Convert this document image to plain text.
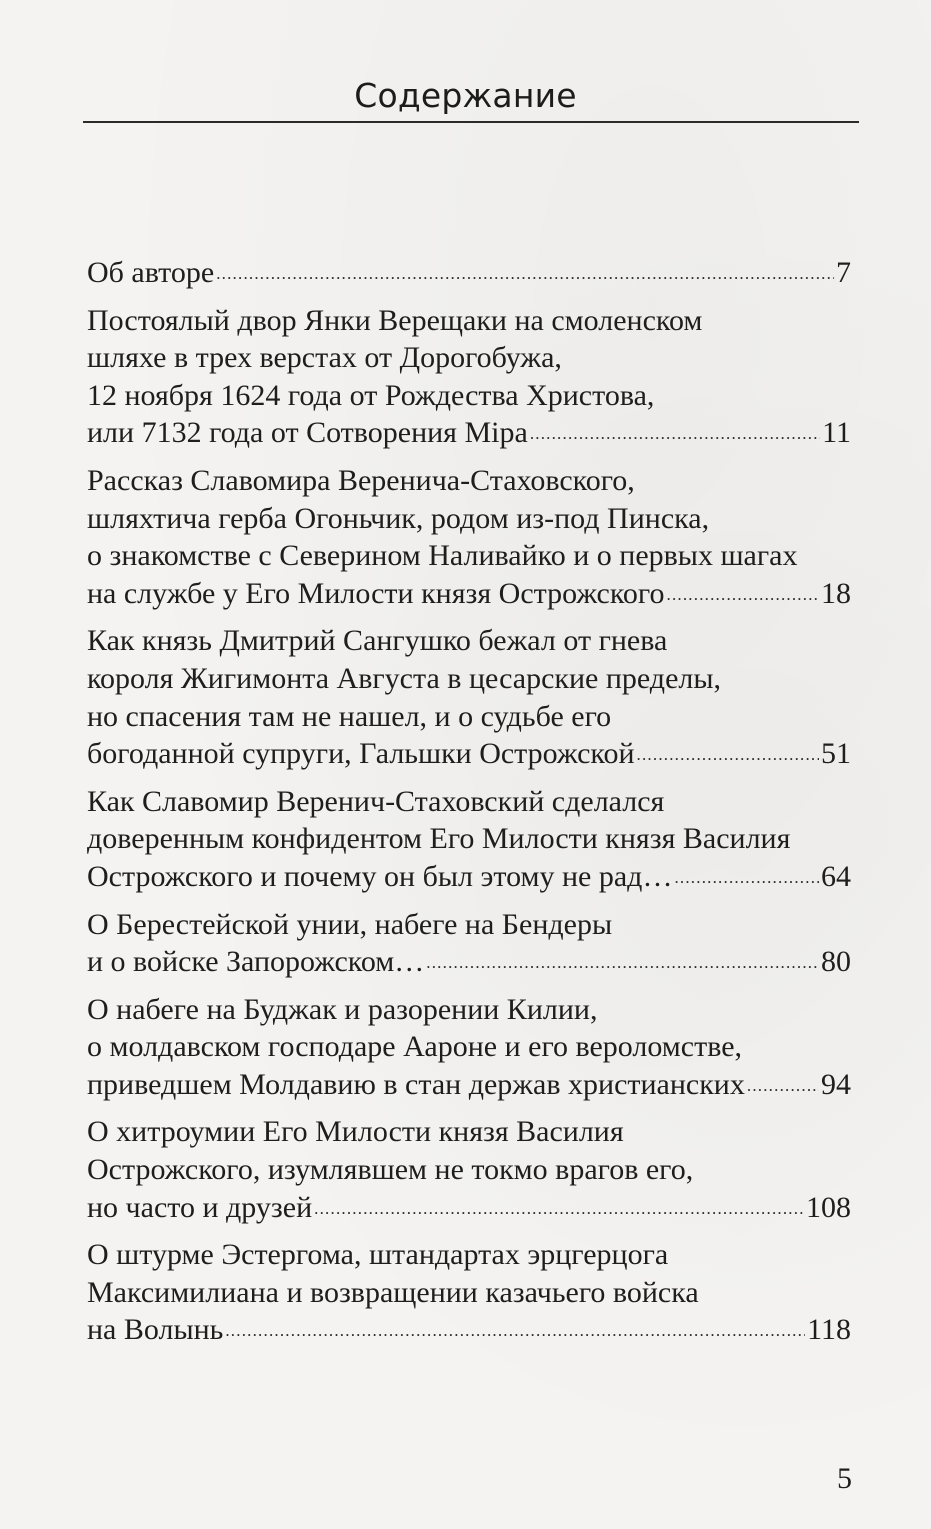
Содержание
Об авторе .....	7
Постоялый двор Янки Верещаки на смоленском
шляхе в трех верстах от Дорогобужа,
12 ноября 1624 года от Рождества Христова,
или 7132 года от Сотворения Міра .....	11
Рассказ Славомира Веренича-Стаховского,
шляхтича герба Огоньчик, родом из-под Пинска,
о знакомстве с Северином Наливайко и о первых шагах
на службе у Его Милости князя Острожского .....	18
Как князь Дмитрий Сангушко бежал от гнева
короля Жигимонта Августа в цесарские пределы,
но спасения там не нашел, и о судьбе его
богоданной супруги, Гальшки Острожской .....	51
Как Славомир Веренич-Стаховский сделался
доверенным конфидентом Его Милости князя Василия
Острожского и почему он был этому не рад… .....	64
О Берестейской унии, набеге на Бендеры
и о войске Запорожском… .....	80
О набеге на Буджак и разорении Килии,
о молдавском господаре Аароне и его вероломстве,
приведшем Молдавию в стан держав христианских .....	94
О хитроумии Его Милости князя Василия
Острожского, изумлявшем не токмо врагов его,
но часто и друзей .....	108
О штурме Эстергома, штандартах эрцгерцога
Максимилиана и возвращении казачьего войска
на Волынь .....	118
5
